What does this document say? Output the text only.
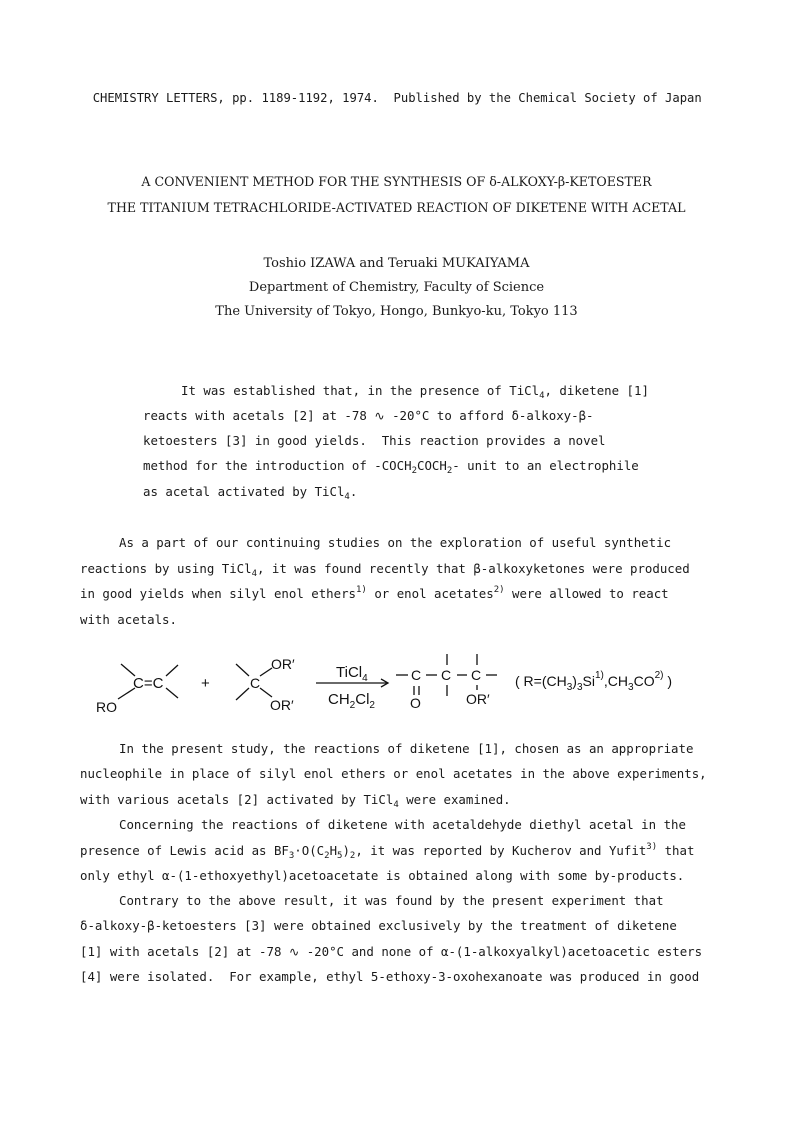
CHEMISTRY LETTERS, pp. 1189-1192, 1974. Published by the Chemical Society of Japan

A CONVENIENT METHOD FOR THE SYNTHESIS OF δ-ALKOXY-β-KETOESTER
THE TITANIUM TETRACHLORIDE-ACTIVATED REACTION OF DIKETENE WITH ACETAL
Toshio IZAWA and Teruaki MUKAIYAMA
Department of Chemistry, Faculty of Science
The University of Tokyo, Hongo, Bunkyo-ku, Tokyo 113
It was established that, in the presence of TiCl$_4$, diketene [1]
reacts with acetals [2] at -78 ∿ -20°C to afford δ-alkoxy-β-
ketoesters [3] in good yields.  This reaction provides a novel
method for the introduction of $-COCH_2COCH_2-$ unit to an electrophile
as acetal activated by TiCl$_4$.
As a part of our continuing studies on the exploration of useful synthetic
reactions by using TiCl$_4$, it was found recently that β-alkoxyketones were produced
in good yields when silyl enol ethers$^{1)}$ or enol acetates$^{2)}$ were allowed to react
with acetals.
RO
C=C	+	C
OR′
OR′
TiCl$_4$
$CH_2Cl_2$
C C C
O	OR′
( $R=(CH_3)_3Si^{1)},CH_3CO^{2)}$ )
In the present study, the reactions of diketene [1], chosen as an appropriate
nucleophile in place of silyl enol ethers or enol acetates in the above experiments,
with various acetals [2] activated by TiCl$_4$ were examined.
Concerning the reactions of diketene with acetaldehyde diethyl acetal in the
presence of Lewis acid as $BF_3\cdot O(C_2H_5)_2$, it was reported by Kucherov and Yufit$^{3)}$ that
only ethyl α-(1-ethoxyethyl)acetoacetate is obtained along with some by-products.
Contrary to the above result, it was found by the present experiment that
δ-alkoxy-β-ketoesters [3] were obtained exclusively by the treatment of diketene
[1] with acetals [2] at -78 ∿ -20°C and none of α-(1-alkoxyalkyl)acetoacetic esters
[4] were isolated.  For example, ethyl 5-ethoxy-3-oxohexanoate was produced in good
